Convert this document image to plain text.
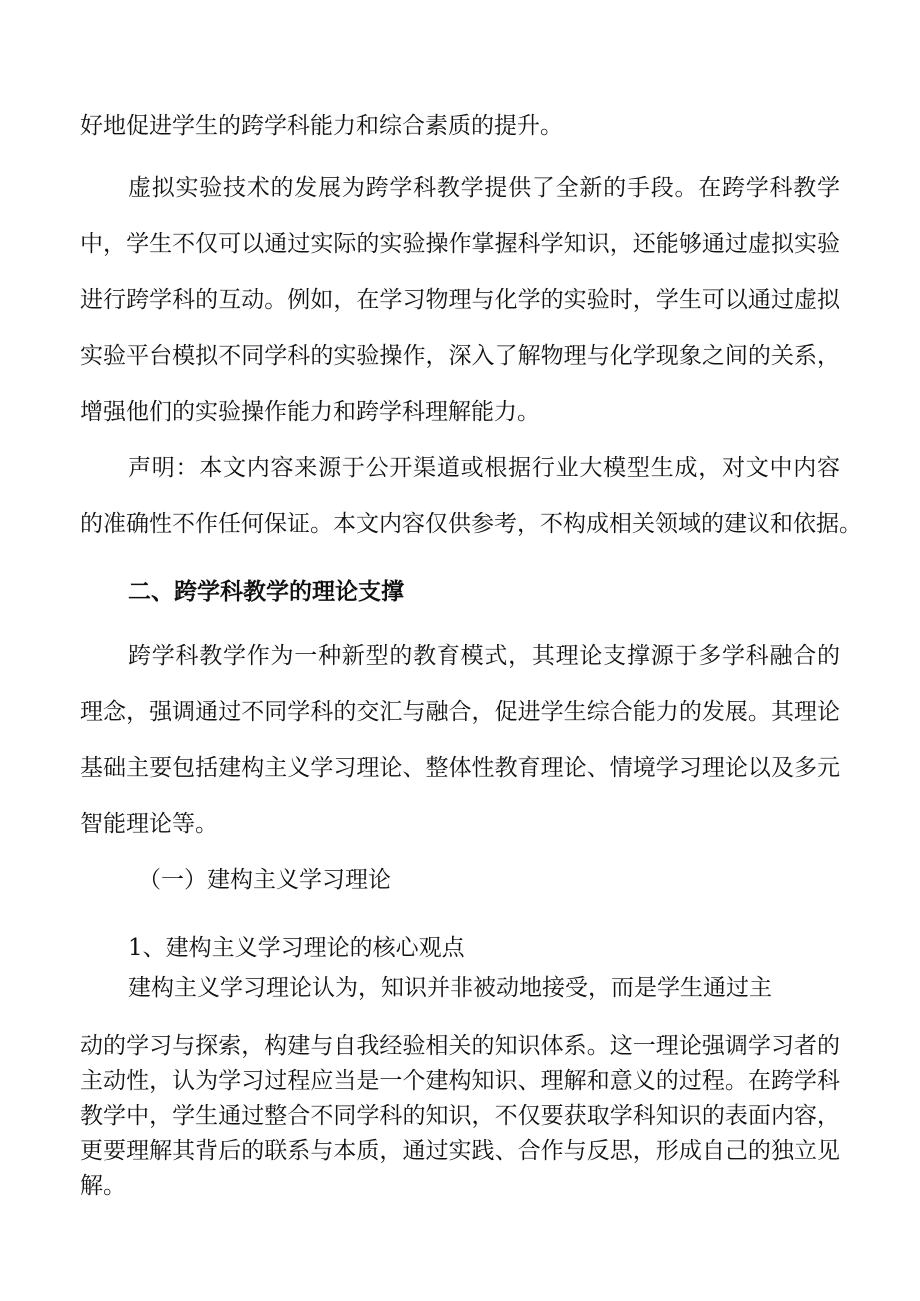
好地促进学生的跨学科能力和综合素质的提升。
虚拟实验技术的发展为跨学科教学提供了全新的手段。在跨学科教学
中，学生不仅可以通过实际的实验操作掌握科学知识，还能够通过虚拟实验
进行跨学科的互动。例如，在学习物理与化学的实验时，学生可以通过虚拟
实验平台模拟不同学科的实验操作，深入了解物理与化学现象之间的关系，
增强他们的实验操作能力和跨学科理解能力。
声明：本文内容来源于公开渠道或根据行业大模型生成，对文中内容
的准确性不作任何保证。本文内容仅供参考，不构成相关领域的建议和依据。
二、跨学科教学的理论支撑
跨学科教学作为一种新型的教育模式，其理论支撑源于多学科融合的
理念，强调通过不同学科的交汇与融合，促进学生综合能力的发展。其理论
基础主要包括建构主义学习理论、整体性教育理论、情境学习理论以及多元
智能理论等。
（一）建构主义学习理论
1、建构主义学习理论的核心观点
建构主义学习理论认为，知识并非被动地接受，而是学生通过主
动的学习与探索，构建与自我经验相关的知识体系。这一理论强调学习者的
主动性，认为学习过程应当是一个建构知识、理解和意义的过程。在跨学科
教学中，学生通过整合不同学科的知识，不仅要获取学科知识的表面内容，
更要理解其背后的联系与本质，通过实践、合作与反思，形成自己的独立见
解。
